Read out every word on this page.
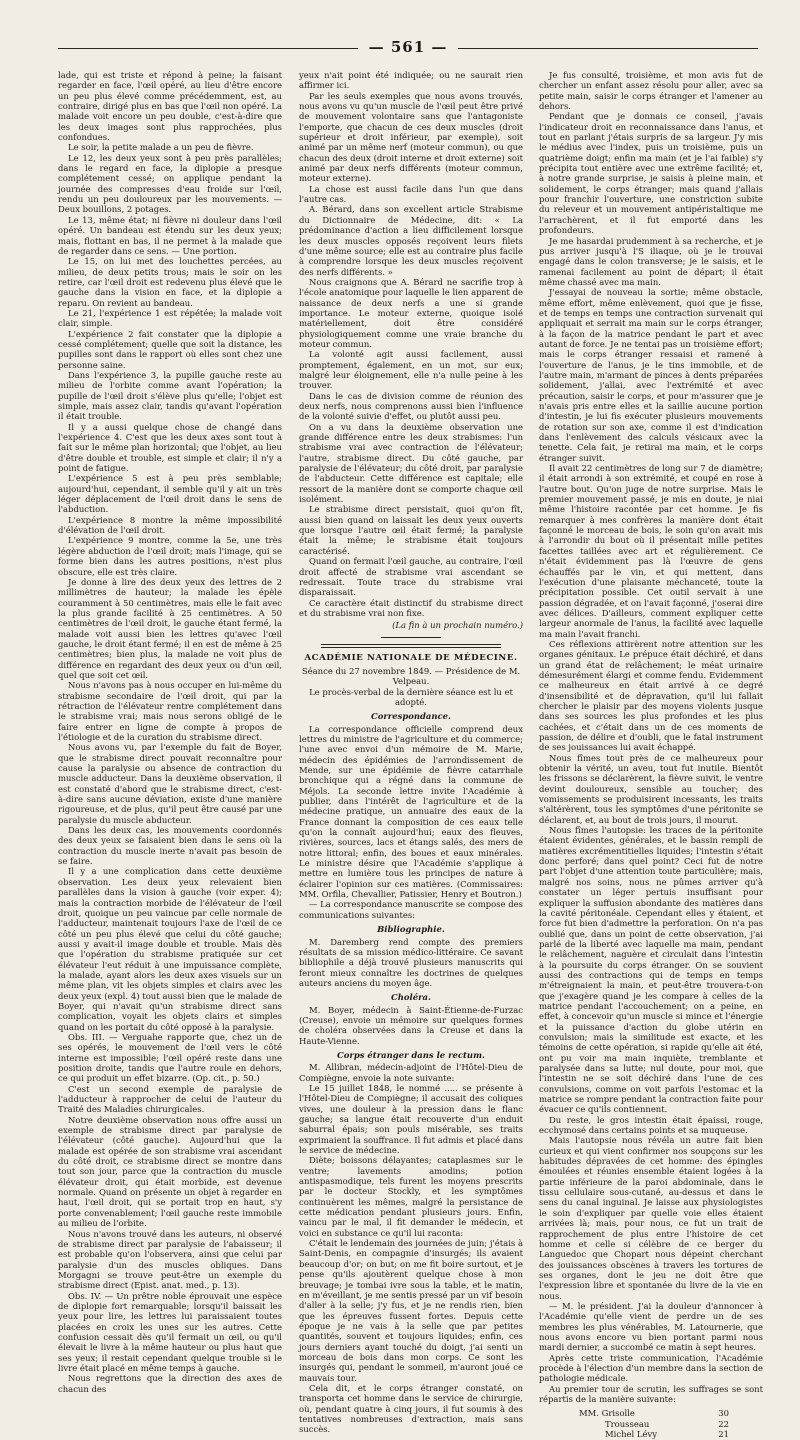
— 561 —

lade, qui est triste et répond à peine; la faisant regarder en face, l'œil opéré, au lieu d'être encore un peu plus élevé comme précédemment, est, au contraire, dirigé plus en bas que l'œil non opéré. La malade voit encore un peu double, c'est-à-dire que les deux images sont plus rapprochées, plus confondues.

Le soir, la petite malade a un peu de fièvre.

Le 12, les deux yeux sont à peu près parallèles; dans le regard en face, la diplopie a presque complétement cessé; on applique pendant la journée des compresses d'eau froide sur l'œil, rendu un peu douloureux par les mouvements. — Deux bouillons, 2 potages.

Le 13, même état; ni fièvre ni douleur dans l'œil opéré. Un bandeau est étendu sur les deux yeux; mais, flottant en bas, il ne permet à la malade que de regarder dans ce sens. — Une portion.

Le 15, on lui met des louchettes percées, au milieu, de deux petits trous; mais le soir on les retire, car l'œil droit est redevenu plus élevé que le gauche dans la vision en face, et la diplopie a reparu. On revient au bandeau.

Le 21, l'expérience 1 est répétée; la malade voit clair, simple.

L'expérience 2 fait constater que la diplopie a cessé complétement; quelle que soit la distance, les pupilles sont dans le rapport où elles sont chez une personne saine.

Dans l'expérience 3, la pupille gauche reste au milieu de l'orbite comme avant l'opération; la pupille de l'œil droit s'élève plus qu'elle; l'objet est simple, mais assez clair, tandis qu'avant l'opération il était trouble.

Il y a aussi quelque chose de changé dans l'expérience 4. C'est que les deux axes sont tout à fait sur le même plan horizontal; que l'objet, au lieu d'être double et trouble, est simple et clair; il n'y a point de fatigue.

L'expérience 5 est à peu près semblable; aujourd'hui, cependant, il semble qu'il y ait un très léger déplacement de l'œil droit dans le sens de l'abduction.

L'expérience 8 montre la même impossibilité d'élévation de l'œil droit.

L'expérience 9 montre, comme la 5e, une très légère abduction de l'œil droit; mais l'image, qui se forme bien dans les autres positions, n'est plus obscure, elle est très claire.

Je donne à lire des deux yeux des lettres de 2 millimètres de hauteur; la malade les épèle couramment à 50 centimètres, mais elle le fait avec la plus grande facilité à 25 centimètres. A 50 centimètres de l'œil droit, le gauche étant fermé, la malade voit aussi bien les lettres qu'avec l'œil gauche, le droit étant fermé; il en est de même à 25 centimètres; bien plus, la malade ne voit plus de différence en regardant des deux yeux ou d'un œil, quel que soit cet œil.

Nous n'avons pas à nous occuper en lui-même du strabisme secondaire de l'œil droit, qui par la rétraction de l'élévateur rentre complétement dans le strabisme vrai; mais nous serons obligé de le faire entrer en ligne de compte à propos de l'étiologie et de la curation du strabisme direct.

Nous avons vu, par l'exemple du fait de Boyer, que le strabisme direct pouvait reconnaître pour cause la paralysie ou absence de contraction du muscle adducteur. Dans la deuxième observation, il est constaté d'abord que le strabisme direct, c'est-à-dire sans aucune déviation, existe d'une manière rigoureuse, et de plus, qu'il peut être causé par une paralysie du muscle abducteur.

Dans les deux cas, les mouvements coordonnés des deux yeux se faisaient bien dans le sens où la contraction du muscle inerte n'avait pas besoin de se faire.

Il y a une complication dans cette deuxième observation. Les deux yeux relevaient bien parallèles dans la vision à gauche (voir exper. 4); mais la contraction morbide de l'élévateur de l'œil droit, quoique un peu vaincue par celle normale de l'adducteur, maintenait toujours l'axe de l'œil de ce côté un peu plus élevé que celui du côté gauche; aussi y avait-il image double et trouble. Mais dès que l'opération du strabisme pratiquée sur cet élévateur l'eut réduit à une impuissance complète, la malade, ayant alors les deux axes visuels sur un même plan, vit les objets simples et clairs avec les deux yeux (expl. 4) tout aussi bien que le malade de Boyer, qui n'avait qu'un strabisme direct sans complication, voyait les objets clairs et simples quand on les portait du côté opposé à la paralysie.

Obs. III. — Verguahe rapporte que, chez un de ses opérés, le mouvement de l'œil vers le côté interne est impossible; l'œil opéré reste dans une position droite, tandis que l'autre roule en dehors, ce qui produit un effet bizarre. (Op. cit., p. 50.)

C'est un second exemple de paralysie de l'adducteur à rapprocher de celui de l'auteur du Traité des Maladies chirurgicales.

Notre deuxième observation nous offre aussi un exemple de strabisme direct par paralysie de l'élévateur (côté gauche). Aujourd'hui que la malade est opérée de son strabisme vrai ascendant du côté droit, ce strabisme direct se montre dans tout son jour, parce que la contraction du muscle élévateur droit, qui était morbide, est devenue normale. Quand on présente un objet à regarder en haut, l'œil droit, qui se portait trop en haut, s'y porte convenablement; l'œil gauche reste immobile au milieu de l'orbite.

Nous n'avons trouvé dans les auteurs, ni observé de strabisme direct par paralysie de l'abaisseur; il est probable qu'on l'observera, ainsi que celui par paralysie d'un des muscles obliques. Dans Morgagni se trouve peut-être un exemple du strabisme direct (Epist. anat. med., p. 13).

Obs. IV. — Un prêtre noble éprouvait une espèce de diplopie fort remarquable; lorsqu'il baissait les yeux pour lire, les lettres lui paraissaient toutes placées en croix les unes sur les autres. Cette confusion cessait dès qu'il fermait un œil, ou qu'il élevait le livre à la même hauteur ou plus haut que ses yeux; il restait cependant quelque trouble si le livre était placé en même temps à gauche.

Nous regrettons que la direction des axes de chacun des

yeux n'ait point été indiquée; ou ne saurait rien affirmer ici.

Par les seuls exemples que nous avons trouvés, nous avons vu qu'un muscle de l'œil peut être privé de mouvement volontaire sans que l'antagoniste l'emporte, que chacun de ces deux muscles (droit supérieur et droit inférieur, par exemple), soit animé par un même nerf (moteur commun), ou que chacun des deux (droit interne et droit externe) soit animé par deux nerfs différents (moteur commun, moteur externe).

La chose est aussi facile dans l'un que dans l'autre cas.

A. Bérard, dans son excellent article Strabisme du Dictionnaire de Médecine, dit: « La prédominance d'action a lieu difficilement lorsque les deux muscles opposés reçoivent leurs filets d'une même source; elle est au contraire plus facile à comprendre lorsque les deux muscles reçoivent des nerfs différents. »

Nous craignons que A. Bérard ne sacrifie trop à l'école anatomique pour laquelle le lien apparent de naissance de deux nerfs a une si grande importance. Le moteur externe, quoique isolé matériellement, doit être considéré physiologiquement comme une vraie branche du moteur commun.

La volonté agit aussi facilement, aussi promptement, également, en un mot, sur eux; malgré leur éloignement, elle n'a nulle peine à les trouver.

Dans le cas de division comme de réunion des deux nerfs, nous comprenons aussi bien l'influence de la volonté suivie d'effet, ou plutôt aussi peu.

On a vu dans la deuxième observation une grande différence entre les deux strabismes: l'un strabisme vrai avec contraction de l'élévateur; l'autre, strabisme direct. Du côté gauche, par paralysie de l'élévateur; du côté droit, par paralysie de l'abducteur. Cette différence est capitale; elle ressort de la manière dont se comporte chaque œil isolément.

Le strabisme direct persistait, quoi qu'on fît, aussi bien quand on laissait les deux yeux ouverts que lorsque l'autre œil était fermé; la paralysie était la même; le strabisme était toujours caractérisé.

Quand on fermait l'œil gauche, au contraire, l'œil droit affecté de strabisme vrai ascendant se redressait. Toute trace du strabisme vrai disparaissait.

Ce caractère était distinctif du strabisme direct et du strabisme vrai non fixe.

(La fin à un prochain numéro.)

ACADÉMIE NATIONALE DE MÉDECINE.

Séance du 27 novembre 1849. — Présidence de M. Velpeau.

Le procès-verbal de la dernière séance est lu et adopté.

Correspondance.

La correspondance officielle comprend deux lettres du ministre de l'agriculture et du commerce; l'une avec envoi d'un mémoire de M. Marie, médecin des épidémies de l'arrondissement de Mende, sur une épidémie de fièvre catarrhale bronchique qui a régné dans la commune de Méjols. La seconde lettre invite l'Académie à publier, dans l'intérêt de l'agriculture et de la médecine pratique, un annuaire des eaux de la France donnant la composition de ces eaux telle qu'on la connaît aujourd'hui; eaux des fleuves, rivières, sources, lacs et étangs salés, des mers de notre littoral; enfin, des boues et eaux minérales. Le ministre désire que l'Académie s'applique à mettre en lumière tous les principes de nature à éclairer l'opinion sur ces matières. (Commissaires: MM. Orfila, Chevallier, Patissier, Henry et Boutron.)

— La correspondance manuscrite se compose des communications suivantes:

Bibliographie.

M. Daremberg rend compte des premiers résultats de sa mission médico-littéraire. Ce savant bibliophile a déjà trouvé plusieurs manuscrits qui feront mieux connaître les doctrines de quelques auteurs anciens du moyen âge.

Choléra.

M. Boyer, médecin à Saint-Étienne-de-Furzac (Creuse), envoie un mémoire sur quelques formes de choléra observées dans la Creuse et dans la Haute-Vienne.

Corps étranger dans le rectum.

M. Allibran, médecin-adjoint de l'Hôtel-Dieu de Compiègne, envoie la note suivante:

Le 15 juillet 1848, le nommé ..... se présente à l'Hôtel-Dieu de Compiègne; il accusait des coliques vives, une douleur à la pression dans le flanc gauche; sa langue était recouverte d'un enduit saburral épais; son pouls misérable, ses traits exprimaient la souffrance. Il fut admis et placé dans le service de médecine.

Diète; boissons délayantes; cataplasmes sur le ventre; lavements amodins; potion antispasmodique, tels furent les moyens prescrits par le docteur Stockly, et les symptômes continuèrent les mêmes, malgré la persistance de cette médication pendant plusieurs jours. Enfin, vaincu par le mal, il fit demander le médecin, et voici en substance ce qu'il lui raconta:

C'était le lendemain des journées de juin; j'étais à Saint-Denis, en compagnie d'insurgés; ils avaient beaucoup d'or; on but; on me fit boire surtout, et je pense qu'ils ajoutèrent quelque chose à mon breuvage; je tombai ivre sous la table, et le matin, en m'éveillant, je me sentis pressé par un vif besoin d'aller à la selle; j'y fus, et je ne rendis rien, bien que les épreuves fussent fortes. Depuis cette époque je ne vais à la selle que par petites quantités, souvent et toujours liquides; enfin, ces jours derniers ayant touché du doigt, j'ai senti un morceau de bois dans mon corps. Ce sont les insurgés qui, pendant le sommeil, m'auront joué ce mauvais tour.

Cela dit, et le corps étranger constaté, on transporta cet homme dans le service de chirurgie, où, pendant quatre à cinq jours, il fut soumis à des tentatives nombreuses d'extraction, mais sans succès.

Je fus consulté, troisième, et mon avis fut de chercher un enfant assez résolu pour aller, avec sa petite main, saisir le corps étranger et l'amener au dehors.

Pendant que je donnais ce conseil, j'avais l'indicateur droit en reconnaissance dans l'anus, et tout en parlant j'étais surpris de sa largeur. J'y mis le médius avec l'index, puis un troisième, puis un quatrième doigt; enfin ma main (et je l'ai faible) s'y précipita tout entière avec une extrême facilité; et, à notre grande surprise, je saisis à pleine main, et solidement, le corps étranger; mais quand j'allais pour franchir l'ouverture, une constriction subite du releveur et un mouvement antipéristaltique me l'arrachèrent, et il fut emporté dans les profondeurs.

Je me hasardai prudemment à sa recherche, et je pus arriver jusqu'à l'S iliaque, où je le trouvai engagé dans le colon transverse; je le saisis, et le ramenai facilement au point de départ; il était même chassé avec ma main.

J'essayai de nouveau la sortie; même obstacle, même effort, même enlèvement, quoi que je fisse, et de temps en temps une contraction survenait qui appliquait et serrait ma main sur le corps étranger, à la façon de la matrice pendant le part et avec autant de force. Je ne tentai pas un troisième effort; mais le corps étranger ressaisi et ramené à l'ouverture de l'anus, je le tins immobile, et de l'autre main, m'armant de pinces à dents préparées solidement, j'allai, avec l'extrémité et avec précaution, saisir le corps, et pour m'assurer que je n'avais pris entre elles et la saillie aucune portion d'intestin, je lui fis exécuter plusieurs mouvements de rotation sur son axe, comme il est d'indication dans l'enlèvement des calculs vésicaux avec la tenette. Cela fait, je retirai ma main, et le corps étranger suivit.

Il avait 22 centimètres de long sur 7 de diamètre; il était arrondi à son extrémité, et coupé en rose à l'autre bout. Qu'on juge de notre surprise. Mais le premier mouvement passé, je mis en doute, je niai même l'histoire racontée par cet homme. Je fis remarquer à mes confrères la manière dont était façonné le morceau de bois, le soin qu'on avait mis à l'arrondir du bout où il présentait mille petites facettes taillées avec art et régulièrement. Ce n'était évidemment pas là l'œuvre de gens échauffés par le vin, et qui mettent, dans l'exécution d'une plaisante méchanceté, toute la précipitation possible. Cet outil servait à une passion dégradée, et on l'avait façonné, j'oserai dire avec délices. D'ailleurs, comment expliquer cette largeur anormale de l'anus, la facilité avec laquelle ma main l'avait franchi.

Ces réflexions attirèrent notre attention sur les organes génitaux. Le prépuce était déchiré, et dans un grand état de relâchement; le méat urinaire démesurément élargi et comme fendu. Evidemment ce malheureux en était arrivé à ce degré d'insensibilité et de dépravation, qu'il lui fallait chercher le plaisir par des moyens violents jusque dans ses sources les plus profondes et les plus cachées, et c'était dans un de ces moments de passion, de délire et d'oubli, que le fatal instrument de ses jouissances lui avait échappé.

Nous fîmes tout près de ce malheureux pour obtenir la vérité, un aveu, tout fut inutile. Bientôt les frissons se déclarèrent, la fièvre suivit, le ventre devint douloureux, sensible au toucher; des vomissements se produisirent incessants, les traits s'altérèrent, tous les symptômes d'une péritonite se déclarent, et, au bout de trois jours, il mourut.

Nous fîmes l'autopsie: les traces de la péritonite étaient évidentes, générales, et le bassin rempli de matières excrémentitielles liquides; l'intestin s'était donc perforé; dans quel point? Ceci fut de notre part l'objet d'une attention toute particulière; mais, malgré nos soins, nous ne pûmes arriver qu'à constater un léger pertuis insuffisant pour expliquer la suffusion abondante des matières dans la cavité péritonéale. Cependant elles y étaient, et force fut bien d'admettre la perforation. On n'a pas oublié que, dans un point de cette observation, j'ai parlé de la liberté avec laquelle ma main, pendant le relâchement, naguère et circulait dans l'intestin à la poursuite du corps étranger. On se souvient aussi des contractions qui de temps en temps m'étreignaient la main, et peut-être trouvera-t-on que j'exagère quand je les compare à celles de la matrice pendant l'accouchement; on a peine, en effet, à concevoir qu'un muscle si mince et l'énergie et la puissance d'action du globe utérin en convulsion; mais la similitude est exacte, et les témoins de cette opération, si rapide qu'elle ait été, ont pu voir ma main inquiète, tremblante et paralysée dans sa lutte; nul doute, pour moi, que l'intestin ne se soit déchiré dans l'une de ces convulsions, comme on voit parfois l'estomac et la matrice se rompre pendant la contraction faite pour évacuer ce qu'ils contiennent.

Du reste, le gros intestin était épaissi, rouge, ecchymosé dans certains points et sa muqueuse.

Mais l'autopsie nous révéla un autre fait bien curieux et qui vient confirmer nos soupçons sur les habitudes dépravées de cet homme: des épingles émoulées et réunies ensemble étaient logées à la partie inférieure de la paroi abdominale, dans le tissu cellulaire sous-cutané, au-dessus et dans le sens du canal inguinal. Je laisse aux physiologistes le soin d'expliquer par quelle voie elles étaient arrivées là; mais, pour nous, ce fut un trait de rapprochement de plus entre l'histoire de cet homme et celle si célèbre de ce berger du Languedoc que Chopart nous dépeint cherchant des jouissances obscènes à travers les tortures de ses organes, dont le jeu ne doit être que l'expression libre et spontanée du livre de la vie en nous.

— M. le président. J'ai la douleur d'annoncer à l'Académie qu'elle vient de perdre un de ses membres les plus vénérables, M. Latournerie, que nous avons encore vu bien portant parmi nous mardi dernier, a succombé ce matin à sept heures.

Après cette triste communication, l'Académie procède à l'élection d'un membre dans la section de pathologie médicale.

Au premier tour de scrutin, les suffrages se sont répartis de la manière suivante:

MM. Grisolle	30
Trousseau	22
Michel Lévy	21
